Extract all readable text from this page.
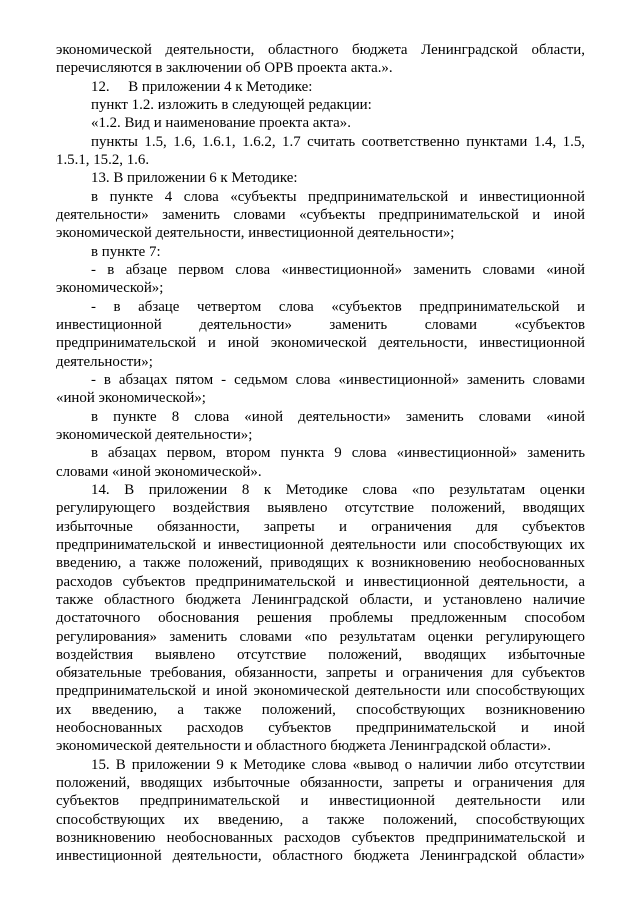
экономической деятельности, областного бюджета Ленинградской области,
перечисляются в заключении об ОРВ проекта акта.».
12.     В приложении 4 к Методике:
пункт 1.2. изложить в следующей редакции:
«1.2. Вид и наименование проекта акта».
пункты 1.5, 1.6, 1.6.1, 1.6.2, 1.7 считать соответственно пунктами 1.4, 1.5,
1.5.1, 15.2, 1.6.
13. В приложении 6 к Методике:
в пункте 4 слова «субъекты предпринимательской и инвестиционной
деятельности» заменить словами «субъекты предпринимательской и иной
экономической деятельности, инвестиционной деятельности»;
в пункте 7:
- в абзаце первом слова «инвестиционной» заменить словами «иной
экономической»;
- в абзаце четвертом слова «субъектов предпринимательской и
инвестиционной деятельности» заменить словами «субъектов
предпринимательской и иной экономической деятельности, инвестиционной
деятельности»;
- в абзацах пятом - седьмом слова «инвестиционной» заменить словами
«иной экономической»;
в пункте 8 слова «иной деятельности» заменить словами «иной
экономической деятельности»;
в абзацах первом, втором пункта 9 слова «инвестиционной» заменить
словами «иной экономической».
14. В приложении 8 к Методике слова «по результатам оценки
регулирующего воздействия выявлено отсутствие положений, вводящих
избыточные обязанности, запреты и ограничения для субъектов
предпринимательской и инвестиционной деятельности или способствующих их
введению, а также положений, приводящих к возникновению необоснованных
расходов субъектов предпринимательской и инвестиционной деятельности, а
также областного бюджета Ленинградской области, и установлено наличие
достаточного обоснования решения проблемы предложенным способом
регулирования» заменить словами «по результатам оценки регулирующего
воздействия выявлено отсутствие положений, вводящих избыточные
обязательные требования, обязанности, запреты и ограничения для субъектов
предпринимательской и иной экономической деятельности или способствующих
их введению, а также положений, способствующих возникновению
необоснованных расходов субъектов предпринимательской и иной
экономической деятельности и областного бюджета Ленинградской области».
15. В приложении 9 к Методике слова «вывод о наличии либо отсутствии
положений, вводящих избыточные обязанности, запреты и ограничения для
субъектов предпринимательской и инвестиционной деятельности или
способствующих их введению, а также положений, способствующих
возникновению необоснованных расходов субъектов предпринимательской и
инвестиционной деятельности, областного бюджета Ленинградской области»
